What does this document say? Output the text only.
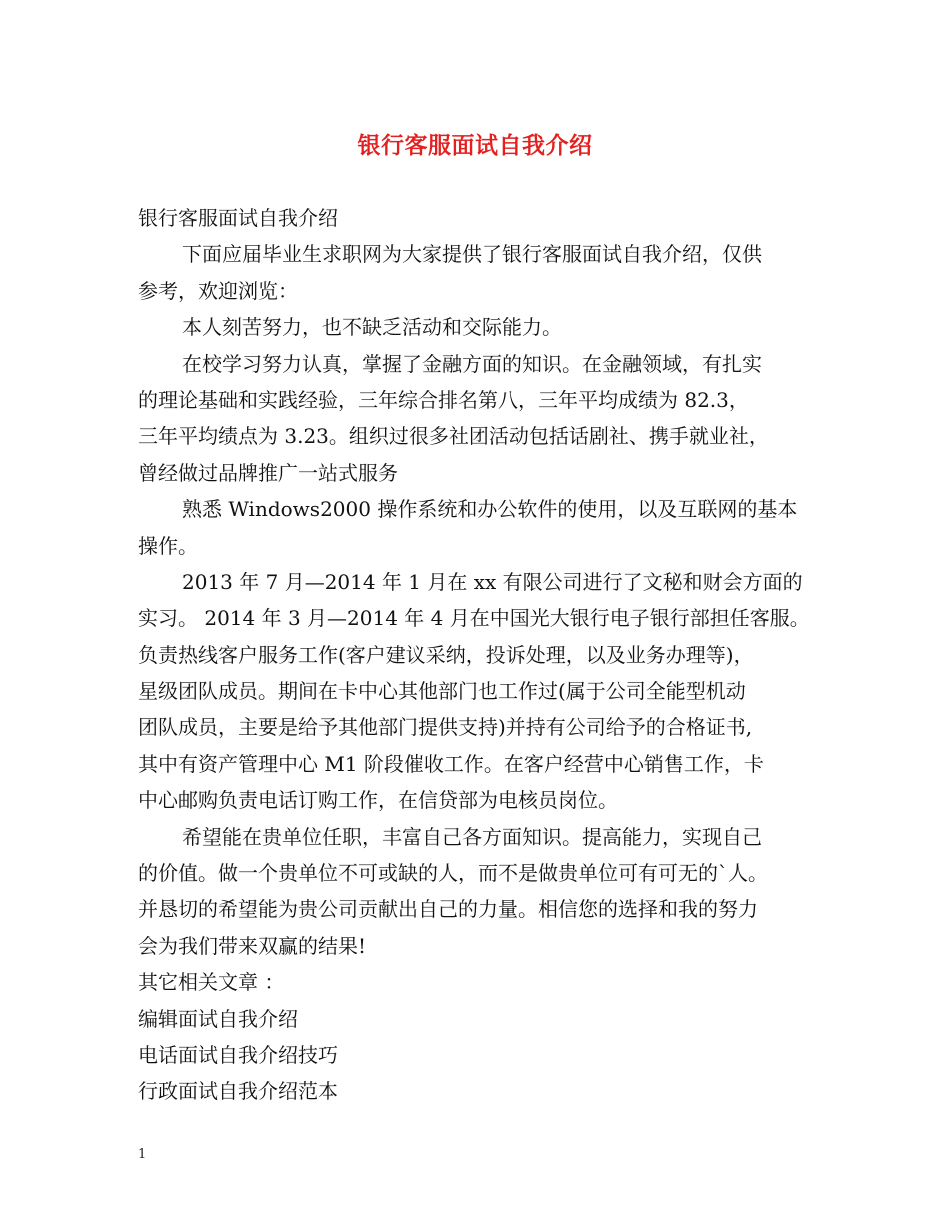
银行客服面试自我介绍
银行客服面试自我介绍
下面应届毕业生求职网为大家提供了银行客服面试自我介绍，仅供
参考，欢迎浏览：
本人刻苦努力，也不缺乏活动和交际能力。
在校学习努力认真，掌握了金融方面的知识。在金融领域，有扎实
的理论基础和实践经验，三年综合排名第八，三年平均成绩为 82.3，
三年平均绩点为 3.23。组织过很多社团活动包括话剧社、携手就业社，
曾经做过品牌推广一站式服务
熟悉 Windows2000 操作系统和办公软件的使用，以及互联网的基本
操作。
2013 年 7 月—2014 年 1 月在 xx 有限公司进行了文秘和财会方面的
实习。 2014 年 3 月—2014 年 4 月在中国光大银行电子银行部担任客服。
负责热线客户服务工作(客户建议采纳，投诉处理，以及业务办理等)，
星级团队成员。期间在卡中心其他部门也工作过(属于公司全能型机动
团队成员，主要是给予其他部门提供支持)并持有公司给予的合格证书,
其中有资产管理中心 M1 阶段催收工作。在客户经营中心销售工作，卡
中心邮购负责电话订购工作，在信贷部为电核员岗位。
希望能在贵单位任职，丰富自己各方面知识。提高能力，实现自己
的价值。做一个贵单位不可或缺的人，而不是做贵单位可有可无的`人。
并恳切的希望能为贵公司贡献出自己的力量。相信您的选择和我的努力
会为我们带来双赢的结果!
其它相关文章 ：
编辑面试自我介绍
电话面试自我介绍技巧
行政面试自我介绍范本
1
